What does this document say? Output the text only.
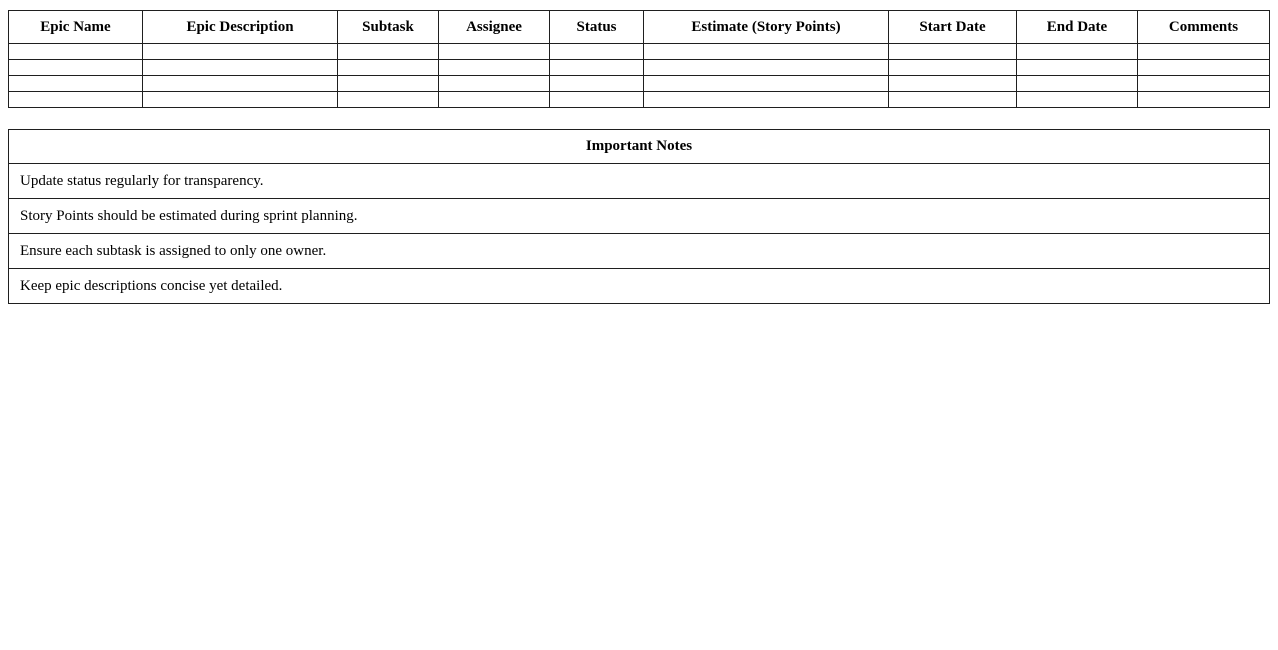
Epic Name	Epic Description	Subtask	Assignee	Status	Estimate (Story Points)	Start Date	End Date	Comments

Important Notes
Update status regularly for transparency.
Story Points should be estimated during sprint planning.
Ensure each subtask is assigned to only one owner.
Keep epic descriptions concise yet detailed.
